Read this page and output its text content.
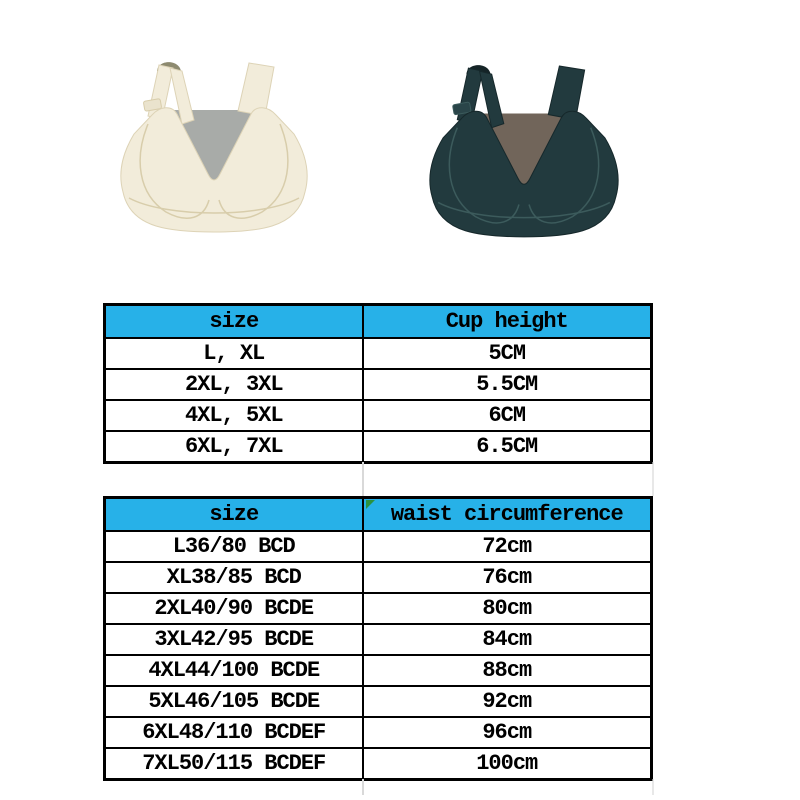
size	Cup height
L, XL	5CM
2XL, 3XL	5.5CM
4XL, 5XL	6CM
6XL, 7XL	6.5CM
size	waist circumference
L36/80 BCD	72cm
XL38/85 BCD	76cm
2XL40/90 BCDE	80cm
3XL42/95 BCDE	84cm
4XL44/100 BCDE	88cm
5XL46/105 BCDE	92cm
6XL48/110 BCDEF	96cm
7XL50/115 BCDEF	100cm
